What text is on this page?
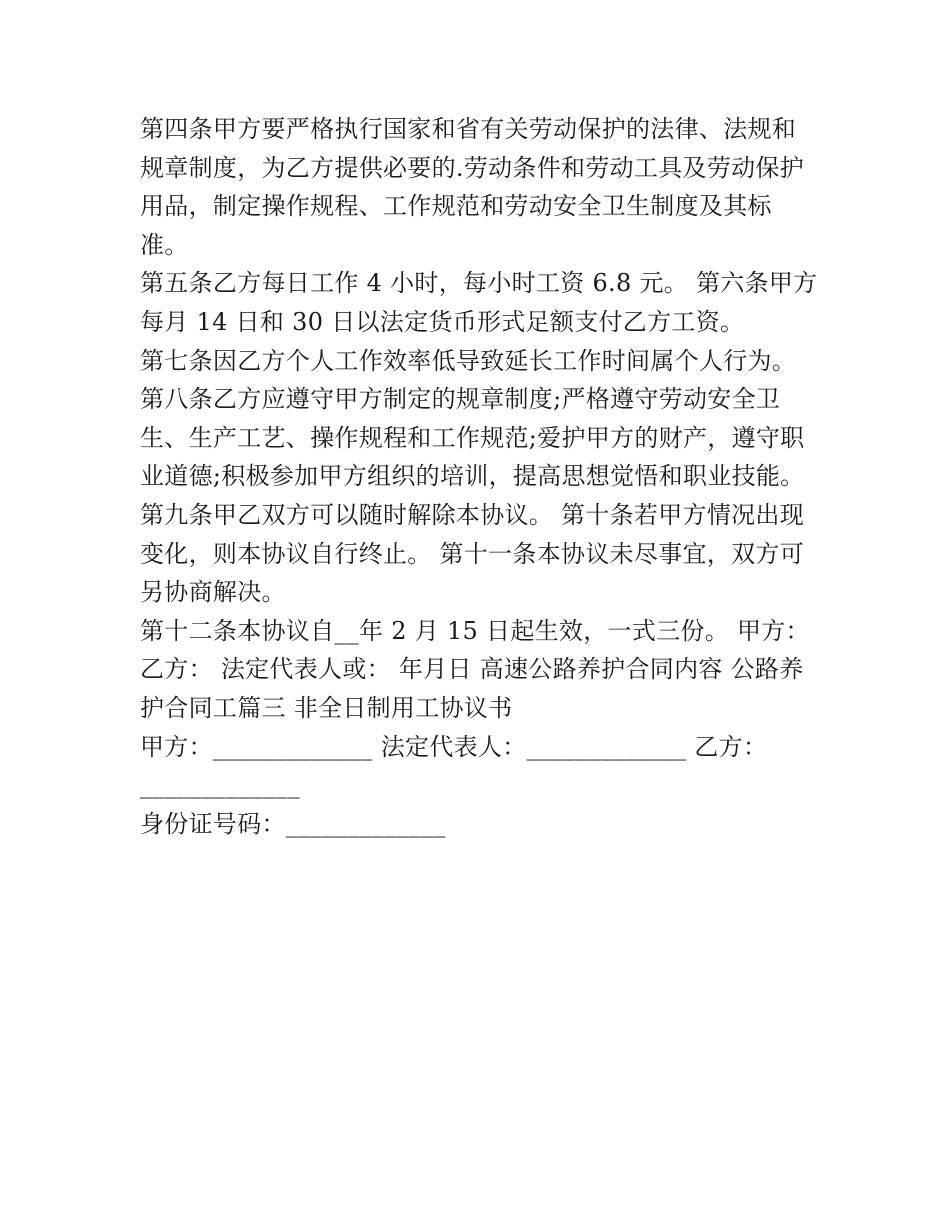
第四条甲方要严格执行国家和省有关劳动保护的法律、法规和规章制度，为乙方提供必要的.劳动条件和劳动工具及劳动保护用品，制定操作规程、工作规范和劳动安全卫生制度及其标准。

第五条乙方每日工作 4 小时，每小时工资 6.8 元。 第六条甲方每月 14 日和 30 日以法定货币形式足额支付乙方工资。

第七条因乙方个人工作效率低导致延长工作时间属个人行为。

第八条乙方应遵守甲方制定的规章制度;严格遵守劳动安全卫生、生产工艺、操作规程和工作规范;爱护甲方的财产，遵守职业道德;积极参加甲方组织的培训，提高思想觉悟和职业技能。

第九条甲乙双方可以随时解除本协议。 第十条若甲方情况出现变化，则本协议自行终止。 第十一条本协议未尽事宜，双方可另协商解决。

第十二条本协议自__年 2 月 15 日起生效，一式三份。 甲方：乙方： 法定代表人或： 年月日 高速公路养护合同内容 公路养护合同工篇三 非全日制用工协议书

甲方：_____________ 法定代表人：_____________ 乙方：_____________

身份证号码：_____________
